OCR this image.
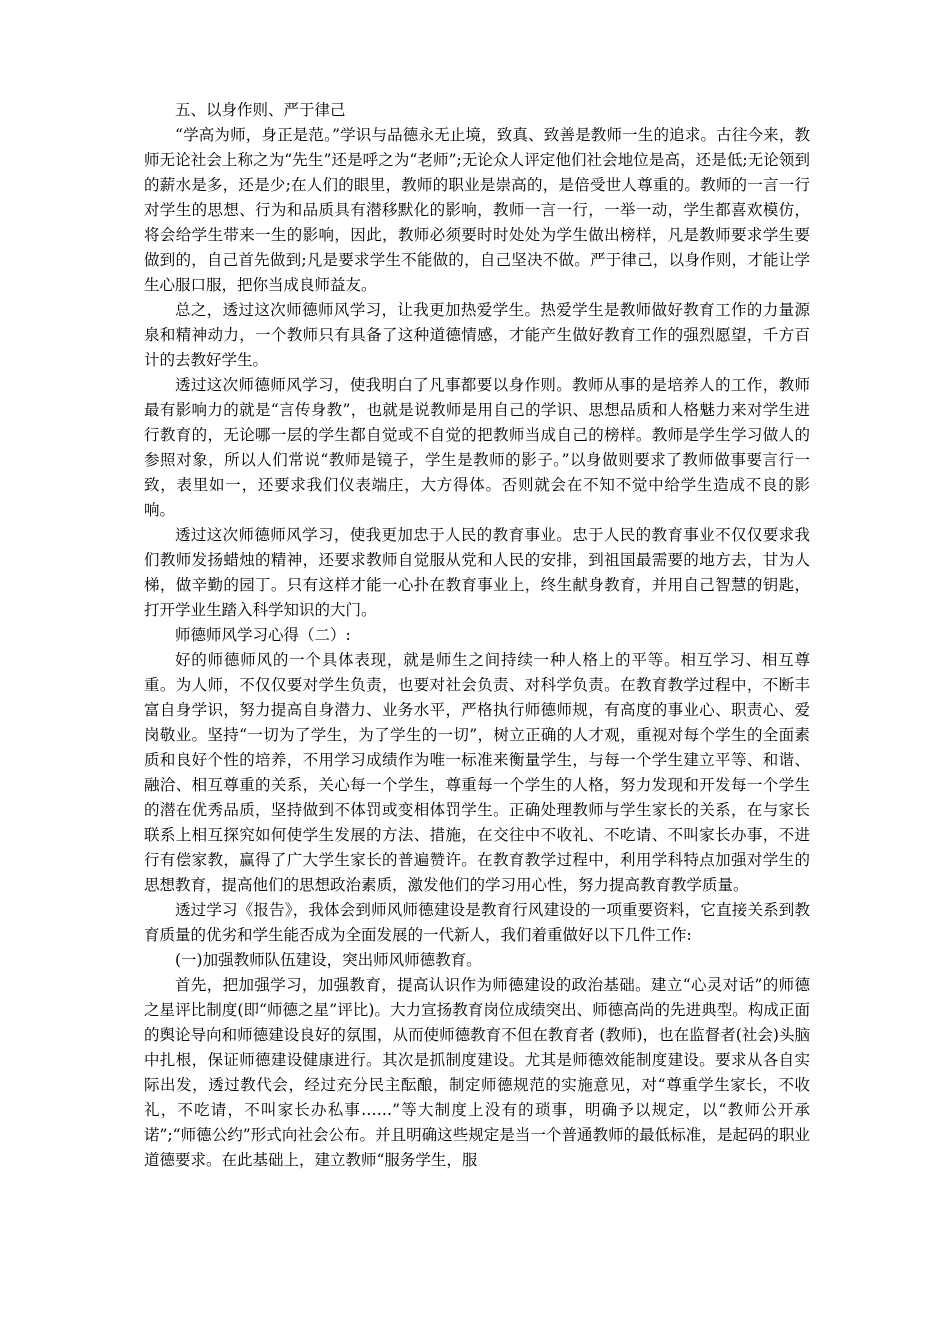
五、以身作则、严于律己

“学高为师，身正是范。”学识与品德永无止境，致真、致善是教师一生的追求。古往今来，教师无论社会上称之为“先生”还是呼之为“老师”;无论众人评定他们社会地位是高，还是低;无论领到的薪水是多，还是少;在人们的眼里，教师的职业是崇高的，是倍受世人尊重的。教师的一言一行对学生的思想、行为和品质具有潜移默化的影响，教师一言一行，一举一动，学生都喜欢模仿，将会给学生带来一生的影响，因此，教师必须要时时处处为学生做出榜样，凡是教师要求学生要做到的，自己首先做到;凡是要求学生不能做的，自己坚决不做。严于律己，以身作则，才能让学生心服口服，把你当成良师益友。

总之，透过这次师德师风学习，让我更加热爱学生。热爱学生是教师做好教育工作的力量源泉和精神动力，一个教师只有具备了这种道德情感，才能产生做好教育工作的强烈愿望，千方百计的去教好学生。

透过这次师德师风学习，使我明白了凡事都要以身作则。教师从事的是培养人的工作，教师最有影响力的就是“言传身教”，也就是说教师是用自己的学识、思想品质和人格魅力来对学生进行教育的，无论哪一层的学生都自觉或不自觉的把教师当成自己的榜样。教师是学生学习做人的参照对象，所以人们常说“教师是镜子，学生是教师的影子。”以身做则要求了教师做事要言行一致，表里如一，还要求我们仪表端庄，大方得体。否则就会在不知不觉中给学生造成不良的影响。

透过这次师德师风学习，使我更加忠于人民的教育事业。忠于人民的教育事业不仅仅要求我们教师发扬蜡烛的精神，还要求教师自觉服从党和人民的安排，到祖国最需要的地方去，甘为人梯，做辛勤的园丁。只有这样才能一心扑在教育事业上，终生献身教育，并用自己智慧的钥匙，打开学业生踏入科学知识的大门。

师德师风学习心得（二）:

好的师德师风的一个具体表现，就是师生之间持续一种人格上的平等。相互学习、相互尊重。为人师，不仅仅要对学生负责，也要对社会负责、对科学负责。在教育教学过程中，不断丰富自身学识，努力提高自身潜力、业务水平，严格执行师德师规，有高度的事业心、职责心、爱岗敬业。坚持“一切为了学生，为了学生的一切”，树立正确的人才观，重视对每个学生的全面素质和良好个性的培养，不用学习成绩作为唯一标准来衡量学生，与每一个学生建立平等、和谐、融洽、相互尊重的关系，关心每一个学生，尊重每一个学生的人格，努力发现和开发每一个学生的潜在优秀品质，坚持做到不体罚或变相体罚学生。正确处理教师与学生家长的关系，在与家长联系上相互探究如何使学生发展的方法、措施，在交往中不收礼、不吃请、不叫家长办事，不进行有偿家教，赢得了广大学生家长的普遍赞许。在教育教学过程中，利用学科特点加强对学生的思想教育，提高他们的思想政治素质，激发他们的学习用心性，努力提高教育教学质量。

透过学习《报告》，我体会到师风师德建设是教育行风建设的一项重要资料，它直接关系到教育质量的优劣和学生能否成为全面发展的一代新人，我们着重做好以下几件工作:

(一)加强教师队伍建设，突出师风师德教育。

首先，把加强学习，加强教育，提高认识作为师德建设的政治基础。建立“心灵对话”的师德之星评比制度(即“师德之星”评比)。大力宣扬教育岗位成绩突出、师德高尚的先进典型。构成正面的舆论导向和师德建设良好的氛围，从而使师德教育不但在教育者 (教师)，也在监督者(社会)头脑中扎根，保证师德建设健康进行。其次是抓制度建设。尤其是师德效能制度建设。要求从各自实际出发，透过教代会，经过充分民主酝酿，制定师德规范的实施意见，对“尊重学生家长，不收礼，不吃请，不叫家长办私事……”等大制度上没有的琐事，明确予以规定，以“教师公开承诺”;“师德公约”形式向社会公布。并且明确这些规定是当一个普通教师的最低标准，是起码的职业道德要求。在此基础上，建立教师“服务学生，服
